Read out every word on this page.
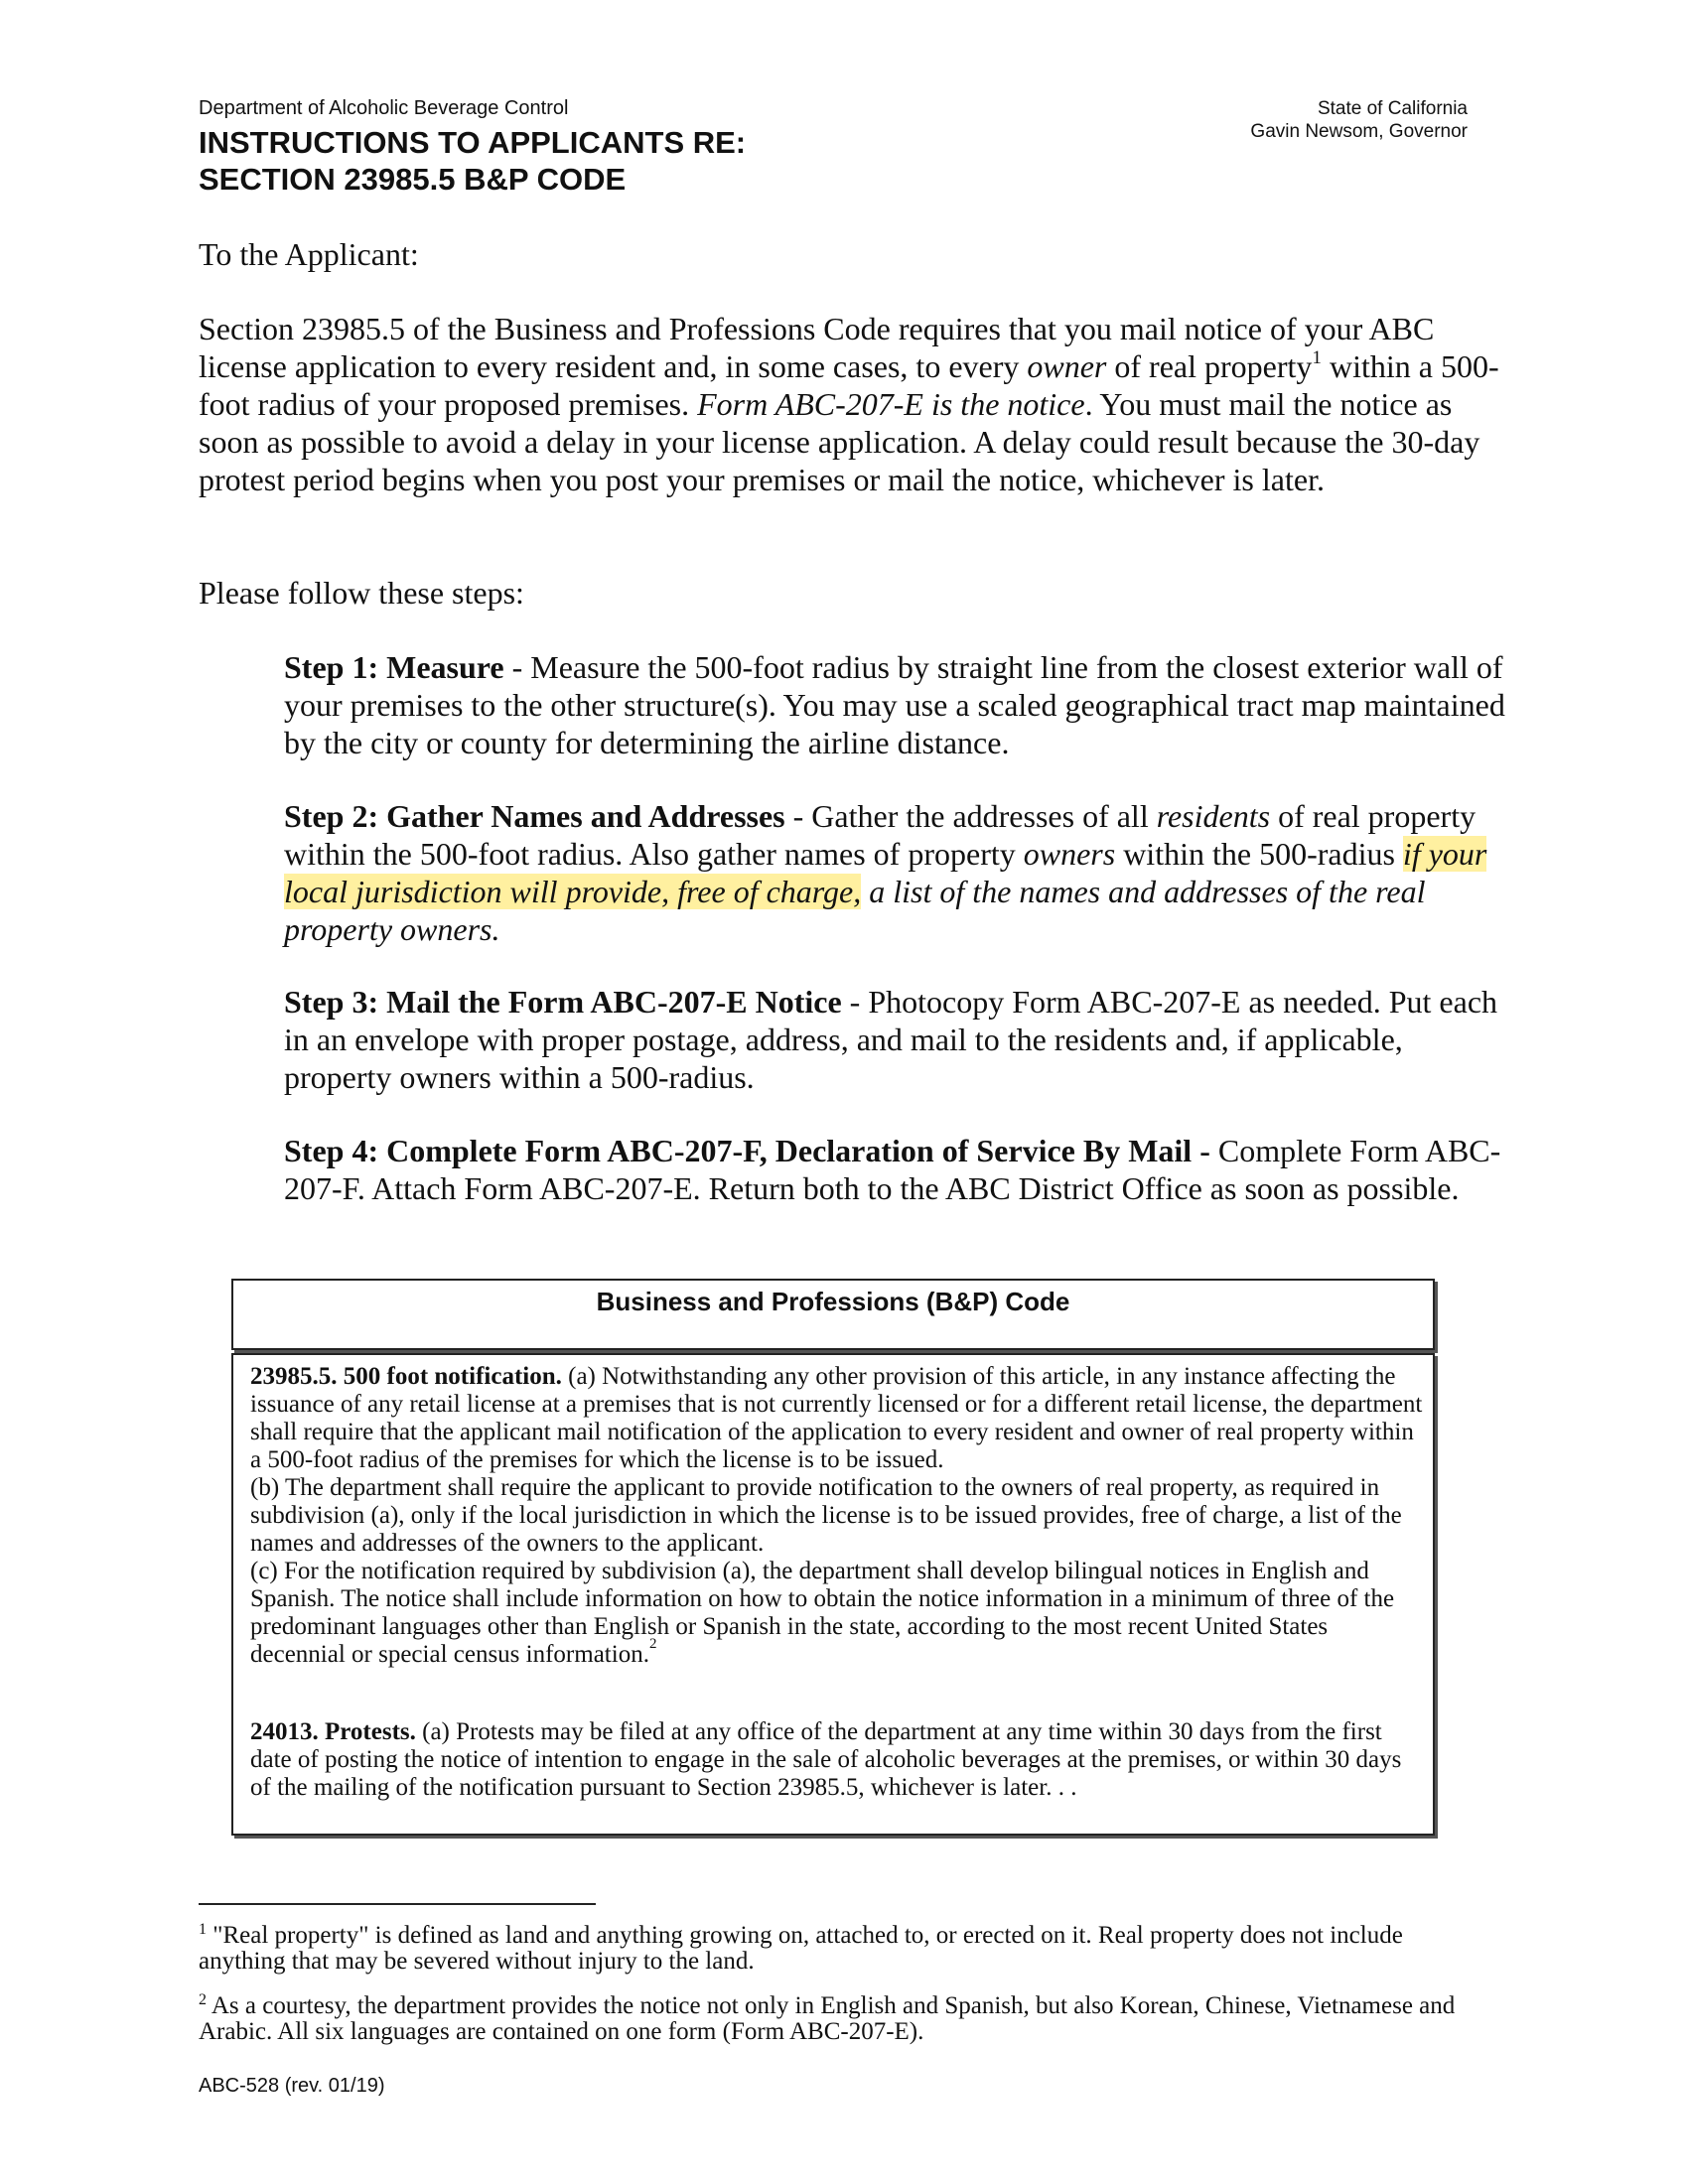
Department of Alcoholic Beverage Control
INSTRUCTIONS TO APPLICANTS RE:
SECTION 23985.5 B&P CODE
State of California
Gavin Newsom, Governor
To the Applicant:
Section 23985.5 of the Business and Professions Code requires that you mail notice of your ABC license application to every resident and, in some cases, to every owner of real property$^1$ within a 500-foot radius of your proposed premises. Form ABC-207-E is the notice. You must mail the notice as soon as possible to avoid a delay in your license application. A delay could result because the 30-day protest period begins when you post your premises or mail the notice, whichever is later.
Please follow these steps:
Step 1: Measure - Measure the 500-foot radius by straight line from the closest exterior wall of your premises to the other structure(s). You may use a scaled geographical tract map maintained by the city or county for determining the airline distance.
Step 2: Gather Names and Addresses - Gather the addresses of all residents of real property within the 500-foot radius. Also gather names of property owners within the 500-radius if your local jurisdiction will provide, free of charge, a list of the names and addresses of the real property owners.
Step 3: Mail the Form ABC-207-E Notice - Photocopy Form ABC-207-E as needed. Put each in an envelope with proper postage, address, and mail to the residents and, if applicable, property owners within a 500-radius.
Step 4: Complete Form ABC-207-F, Declaration of Service By Mail - Complete Form ABC-207-F. Attach Form ABC-207-E. Return both to the ABC District Office as soon as possible.
Business and Professions (B&P) Code
23985.5. 500 foot notification. (a) Notwithstanding any other provision of this article, in any instance affecting the issuance of any retail license at a premises that is not currently licensed or for a different retail license, the department shall require that the applicant mail notification of the application to every resident and owner of real property within a 500-foot radius of the premises for which the license is to be issued.
(b) The department shall require the applicant to provide notification to the owners of real property, as required in subdivision (a), only if the local jurisdiction in which the license is to be issued provides, free of charge, a list of the names and addresses of the owners to the applicant.
(c) For the notification required by subdivision (a), the department shall develop bilingual notices in English and Spanish. The notice shall include information on how to obtain the notice information in a minimum of three of the predominant languages other than English or Spanish in the state, according to the most recent United States decennial or special census information.$^2$
24013. Protests. (a) Protests may be filed at any office of the department at any time within 30 days from the first date of posting the notice of intention to engage in the sale of alcoholic beverages at the premises, or within 30 days of the mailing of the notification pursuant to Section 23985.5, whichever is later. . .
$^1$ "Real property" is defined as land and anything growing on, attached to, or erected on it. Real property does not include anything that may be severed without injury to the land.
$^2$ As a courtesy, the department provides the notice not only in English and Spanish, but also Korean, Chinese, Vietnamese and Arabic. All six languages are contained on one form (Form ABC-207-E).
ABC-528 (rev. 01/19)
